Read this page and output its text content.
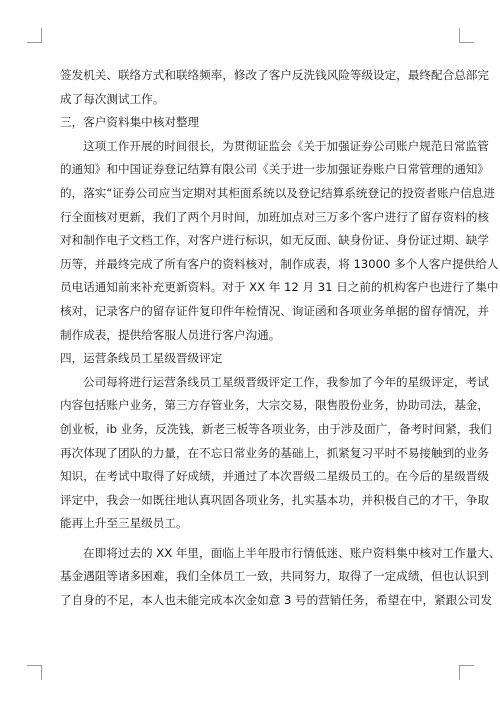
签发机关、联络方式和联络频率，修改了客户反洗钱风险等级设定，最终配合总部完
成了每次测试工作。

三，客户资料集中核对整理

这项工作开展的时间很长，为贯彻证监会《关于加强证券公司账户规范日常监管
的通知》和中国证券登记结算有限公司《关于进一步加强证券账户日常管理的通知》
的，落实“证券公司应当定期对其柜面系统以及登记结算系统登记的投资者账户信息进
行全面核对更新，我们了两个月时间，加班加点对三万多个客户进行了留存资料的核
对和制作电子文档工作，对客户进行标识，如无反面、缺身份证、身份证过期、缺学
历等，并最终完成了所有客户的资料核对，制作成表，将 13000 多个人客户提供给人
员电话通知前来补充更新资料。对于 XX 年 12 月 31 日之前的机构客户也进行了集中
核对，记录客户的留存证件复印件年检情况、询证函和各项业务单据的留存情况，并
制作成表，提供给客服人员进行客户沟通。

四，运营条线员工星级晋级评定

公司每将进行运营条线员工星级晋级评定工作，我参加了今年的星级评定，考试
内容包括账户业务，第三方存管业务，大宗交易，限售股份业务，协助司法，基金，
创业板，ib 业务，反洗钱，新老三板等各项业务，由于涉及面广，备考时间紧，我们
再次体现了团队的力量，在不忘日常业务的基础上，抓紧复习平时不易接触到的业务
知识，在考试中取得了好成绩，并通过了本次晋级二星级员工的。在今后的星级晋级
评定中，我会一如既往地认真巩固各项业务，扎实基本功，并积极自己的才干，争取
能再上升至三星级员工。

在即将过去的 XX 年里，面临上半年股市行情低迷、账户资料集中核对工作量大、
基金遇阻等诸多困难，我们全体员工一致，共同努力，取得了一定成绩，但也认识到
了自身的不足，本人也未能完成本次金如意 3 号的营销任务，希望在中，紧跟公司发
